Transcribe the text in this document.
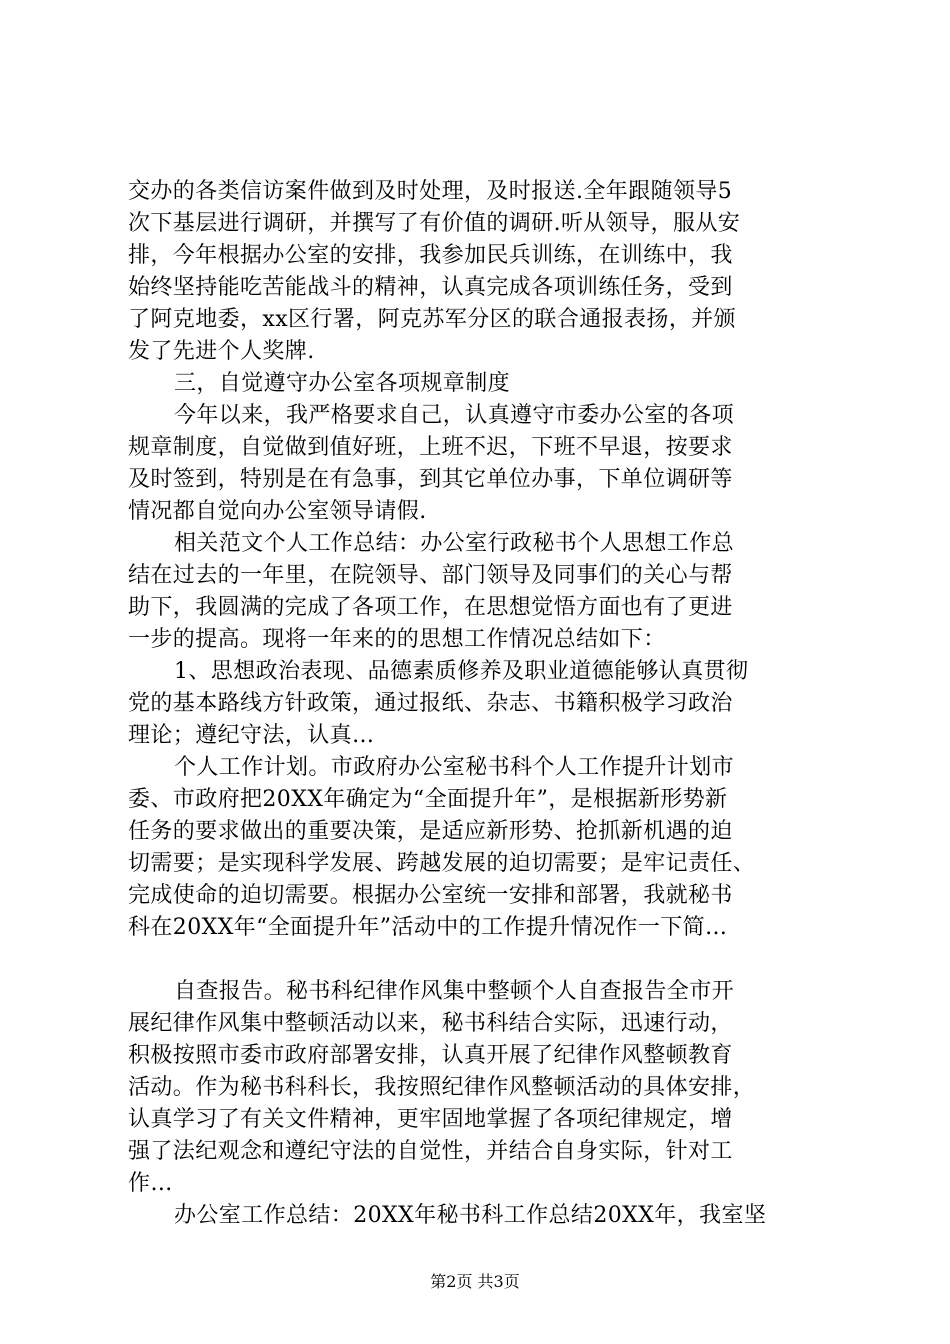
交办的各类信访案件做到及时处理，及时报送.全年跟随领导5
次下基层进行调研，并撰写了有价值的调研.听从领导，服从安
排，今年根据办公室的安排，我参加民兵训练，在训练中，我
始终坚持能吃苦能战斗的精神，认真完成各项训练任务，受到
了阿克地委，xx区行署，阿克苏军分区的联合通报表扬，并颁
发了先进个人奖牌.
三，自觉遵守办公室各项规章制度
今年以来，我严格要求自己，认真遵守市委办公室的各项
规章制度，自觉做到值好班，上班不迟，下班不早退，按要求
及时签到，特别是在有急事，到其它单位办事，下单位调研等
情况都自觉向办公室领导请假.
相关范文个人工作总结：办公室行政秘书个人思想工作总
结在过去的一年里，在院领导、部门领导及同事们的关心与帮
助下，我圆满的完成了各项工作，在思想觉悟方面也有了更进
一步的提高。现将一年来的的思想工作情况总结如下：
1、思想政治表现、品德素质修养及职业道德能够认真贯彻
党的基本路线方针政策，通过报纸、杂志、书籍积极学习政治
理论；遵纪守法，认真…
个人工作计划。市政府办公室秘书科个人工作提升计划市
委、市政府把20XX年确定为“全面提升年”，是根据新形势新
任务的要求做出的重要决策，是适应新形势、抢抓新机遇的迫
切需要；是实现科学发展、跨越发展的迫切需要；是牢记责任、
完成使命的迫切需要。根据办公室统一安排和部署，我就秘书
科在20XX年“全面提升年”活动中的工作提升情况作一下简…
自查报告。秘书科纪律作风集中整顿个人自查报告全市开
展纪律作风集中整顿活动以来，秘书科结合实际，迅速行动，
积极按照市委市政府部署安排，认真开展了纪律作风整顿教育
活动。作为秘书科科长，我按照纪律作风整顿活动的具体安排，
认真学习了有关文件精神，更牢固地掌握了各项纪律规定，增
强了法纪观念和遵纪守法的自觉性，并结合自身实际，针对工
作…
办公室工作总结：20XX年秘书科工作总结20XX年，我室坚
第2页 共3页
